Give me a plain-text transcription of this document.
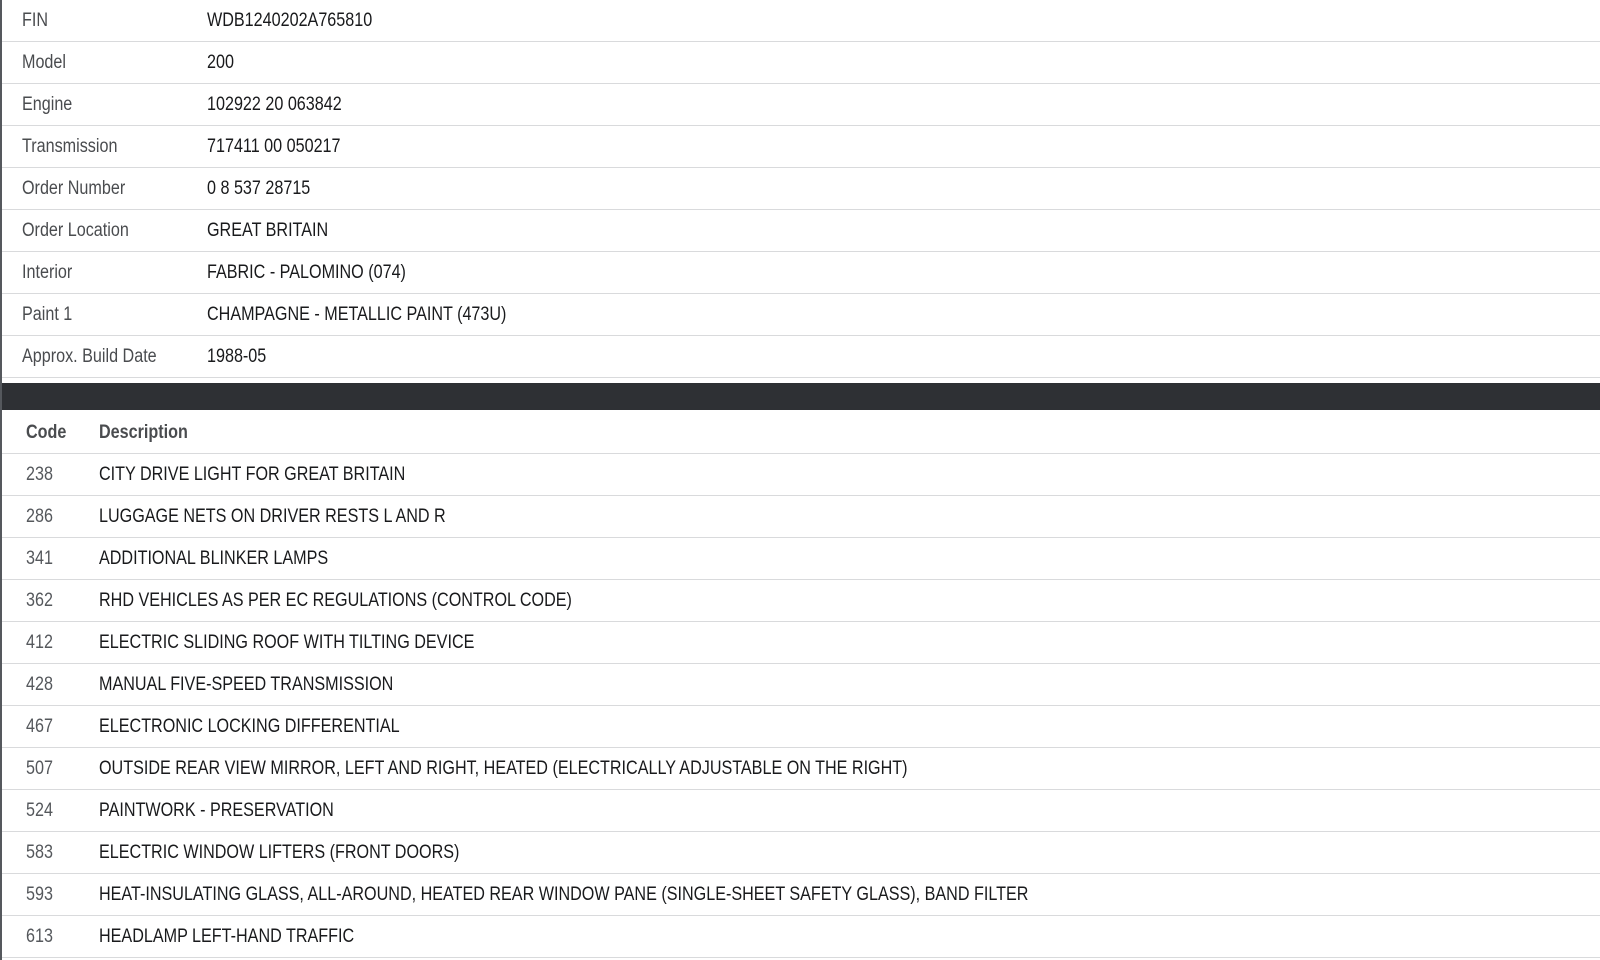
FIN	WDB1240202A765810
Model	200
Engine	102922 20 063842
Transmission	717411 00 050217
Order Number	0 8 537 28715
Order Location	GREAT BRITAIN
Interior	FABRIC - PALOMINO (074)
Paint 1	CHAMPAGNE - METALLIC PAINT (473U)
Approx. Build Date	1988-05
Code	Description
238	CITY DRIVE LIGHT FOR GREAT BRITAIN
286	LUGGAGE NETS ON DRIVER RESTS L AND R
341	ADDITIONAL BLINKER LAMPS
362	RHD VEHICLES AS PER EC REGULATIONS (CONTROL CODE)
412	ELECTRIC SLIDING ROOF WITH TILTING DEVICE
428	MANUAL FIVE-SPEED TRANSMISSION
467	ELECTRONIC LOCKING DIFFERENTIAL
507	OUTSIDE REAR VIEW MIRROR, LEFT AND RIGHT, HEATED (ELECTRICALLY ADJUSTABLE ON THE RIGHT)
524	PAINTWORK - PRESERVATION
583	ELECTRIC WINDOW LIFTERS (FRONT DOORS)
593	HEAT-INSULATING GLASS, ALL-AROUND, HEATED REAR WINDOW PANE (SINGLE-SHEET SAFETY GLASS), BAND FILTER
613	HEADLAMP LEFT-HAND TRAFFIC
